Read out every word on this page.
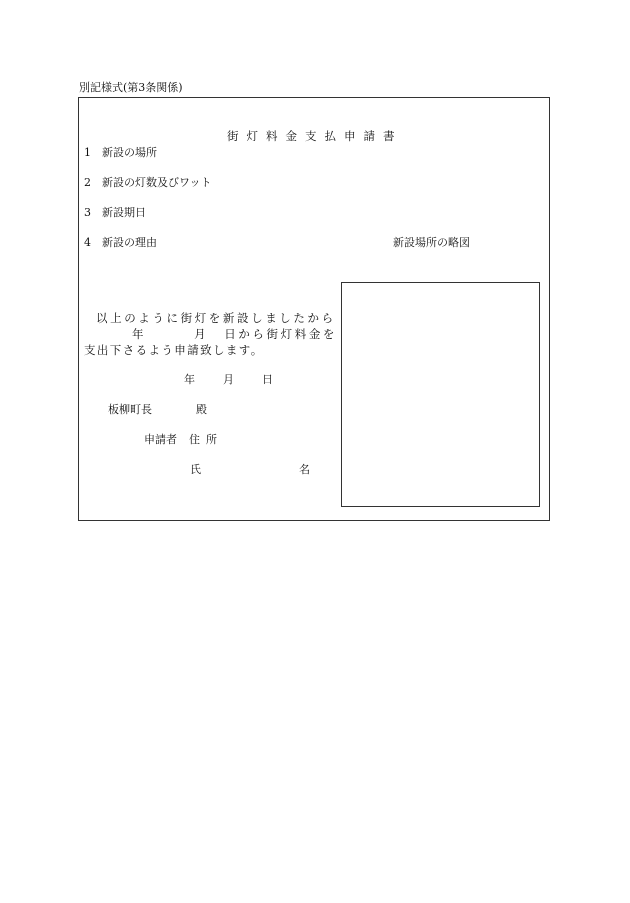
別記様式(第3条関係)
街灯料金支払申請書
1 新設の場所
2 新設の灯数及びワット
3 新設期日
4 新設の理由	新設場所の略図
以上のように街灯を新設しましたから
年	月 日から街灯料金を
支出下さるよう申請致します。
年	月	日
板柳町長	殿
申請者 住 所
氏	名
